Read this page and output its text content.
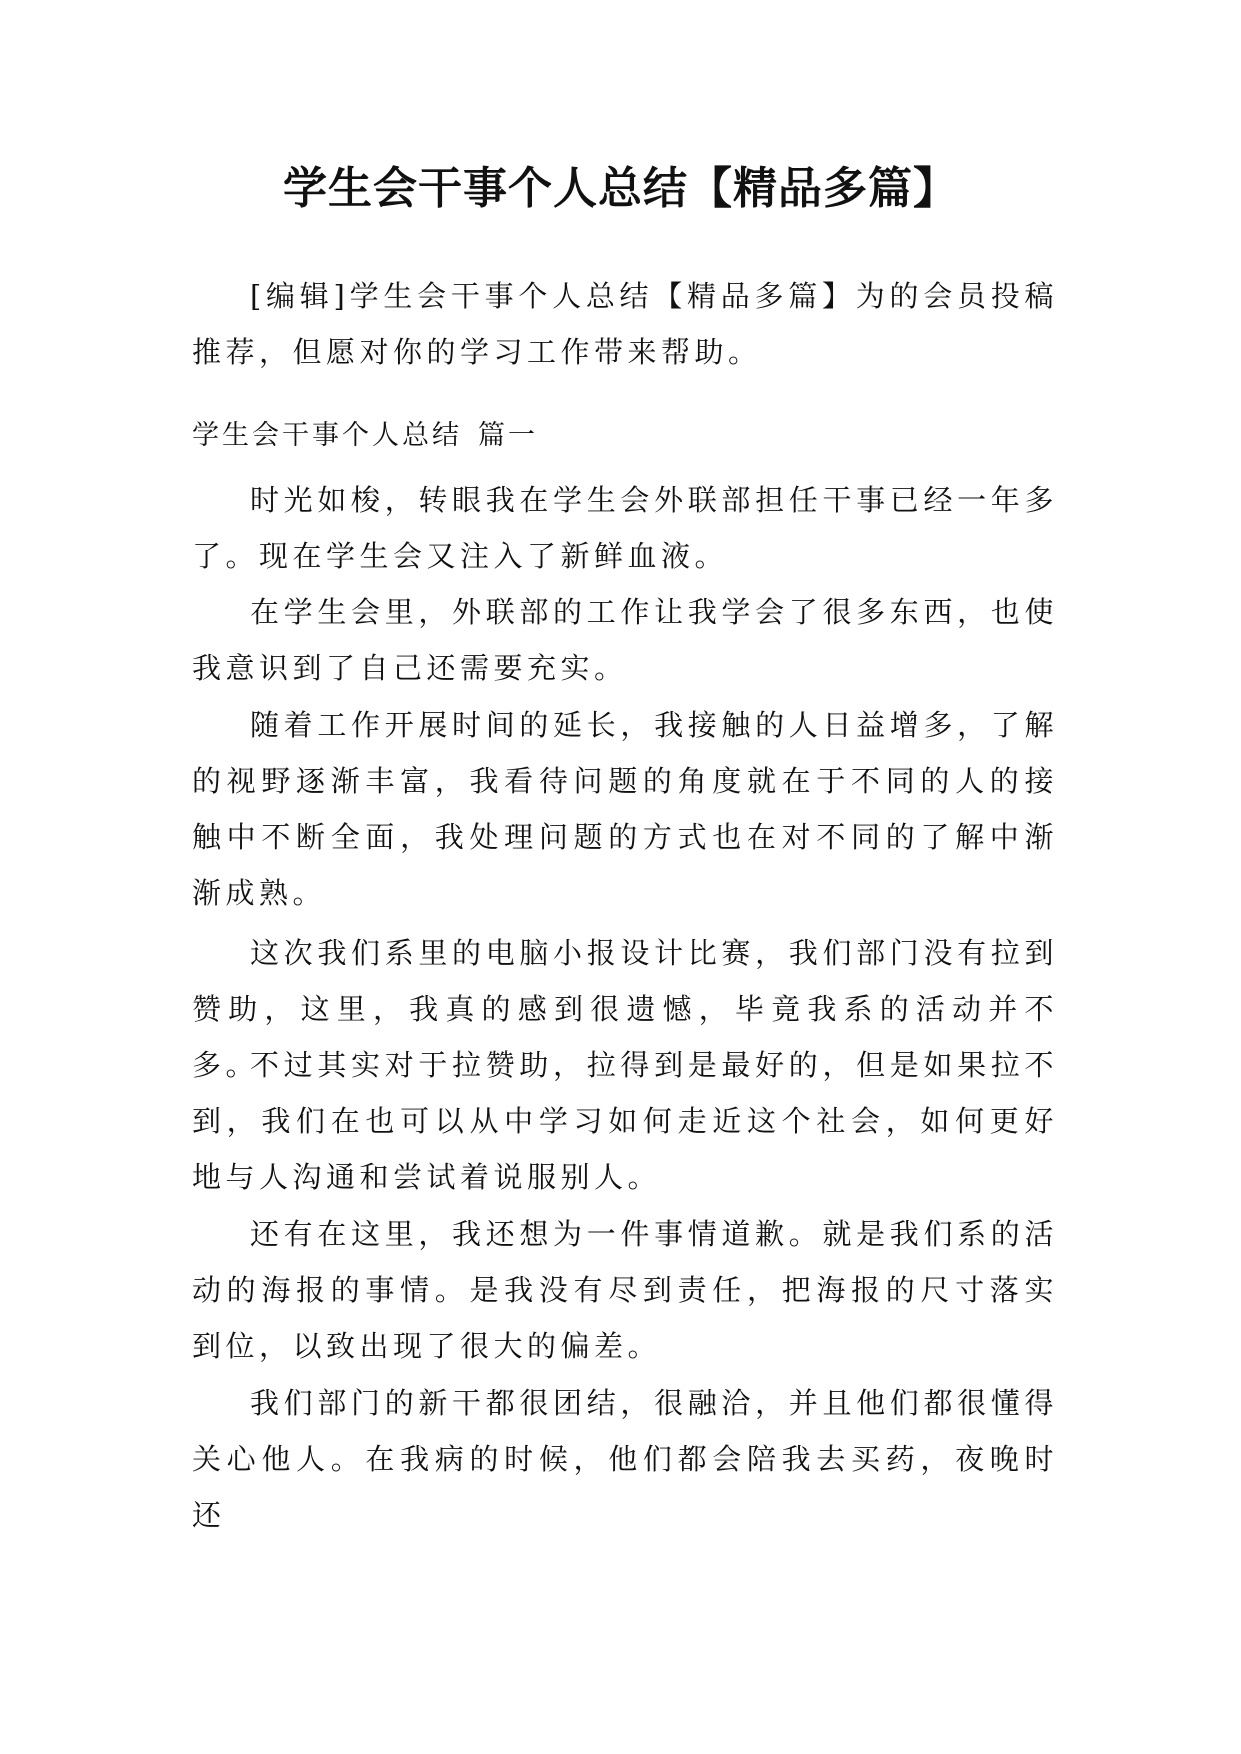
学生会干事个人总结【精品多篇】

[编辑]学生会干事个人总结【精品多篇】为的会员投稿推荐，但愿对你的学习工作带来帮助。

学生会干事个人总结 篇一

时光如梭，转眼我在学生会外联部担任干事已经一年多了。现在学生会又注入了新鲜血液。

在学生会里，外联部的工作让我学会了很多东西，也使我意识到了自己还需要充实。

随着工作开展时间的延长，我接触的人日益增多，了解的视野逐渐丰富，我看待问题的角度就在于不同的人的接触中不断全面，我处理问题的方式也在对不同的了解中渐渐成熟。

这次我们系里的电脑小报设计比赛，我们部门没有拉到赞助，这里，我真的感到很遗憾，毕竟我系的活动并不多。

不过其实对于拉赞助，拉得到是最好的，但是如果拉不到，我们在也可以从中学习如何走近这个社会，如何更好地与人沟通和尝试着说服别人。

还有在这里，我还想为一件事情道歉。就是我们系的活动的海报的事情。是我没有尽到责任，把海报的尺寸落实到位，以致出现了很大的偏差。

我们部门的新干都很团结，很融洽，并且他们都很懂得关心他人。在我病的时候，他们都会陪我去买药，夜晚时还
